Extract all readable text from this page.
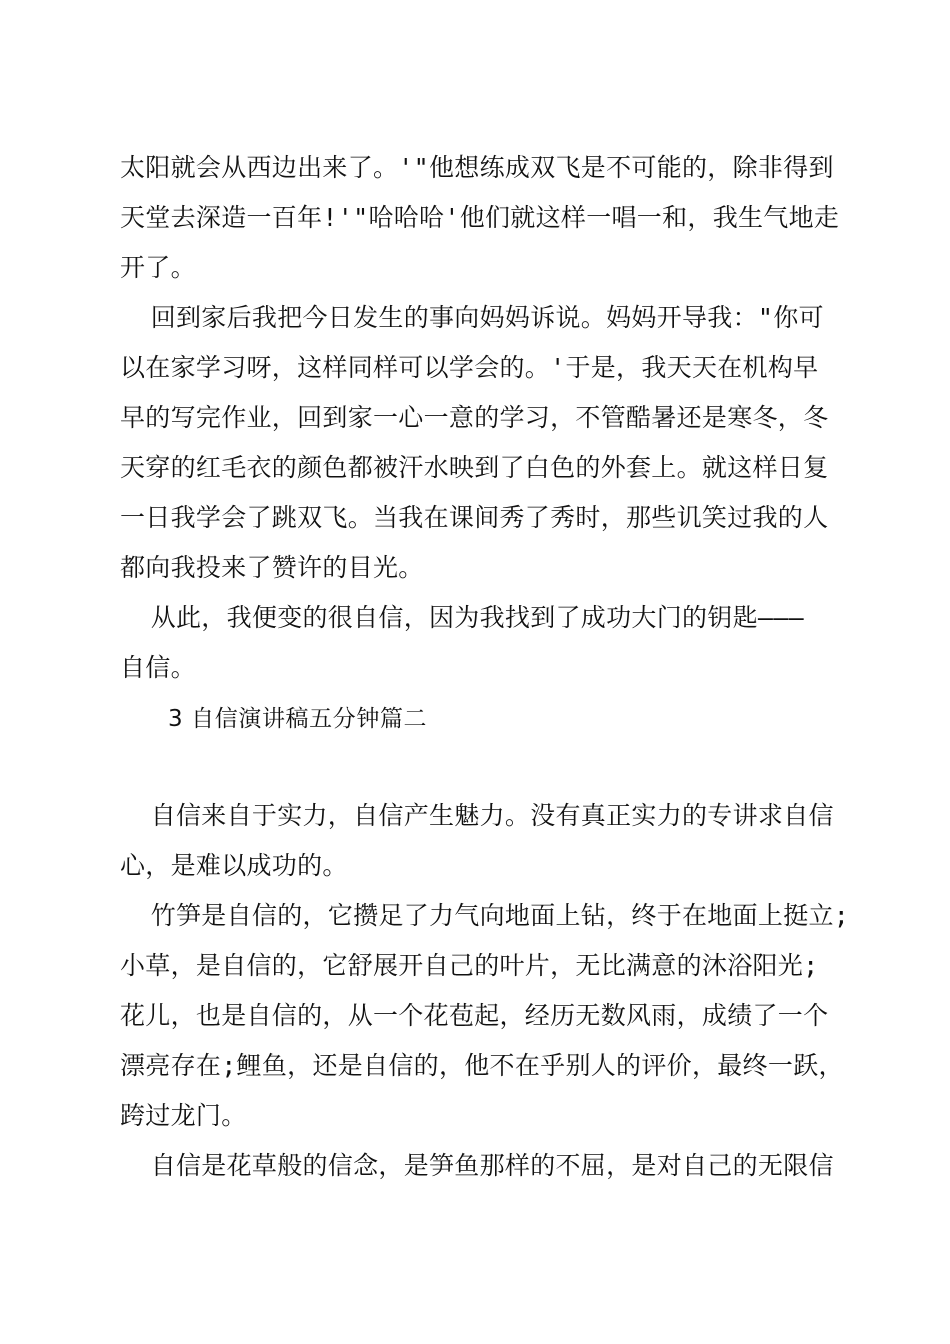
太阳就会从西边出来了。'"他想练成双飞是不可能的，除非得到
天堂去深造一百年!'"哈哈哈'他们就这样一唱一和，我生气地走
开了。
回到家后我把今日发生的事向妈妈诉说。妈妈开导我："你可
以在家学习呀，这样同样可以学会的。'于是，我天天在机构早
早的写完作业，回到家一心一意的学习，不管酷暑还是寒冬，冬
天穿的红毛衣的颜色都被汗水映到了白色的外套上。就这样日复
一日我学会了跳双飞。当我在课间秀了秀时，那些讥笑过我的人
都向我投来了赞许的目光。
从此，我便变的很自信，因为我找到了成功大门的钥匙———
自信。
3 自信演讲稿五分钟篇二
自信来自于实力，自信产生魅力。没有真正实力的专讲求自信
心，是难以成功的。
竹笋是自信的，它攒足了力气向地面上钻，终于在地面上挺立;
小草，是自信的，它舒展开自己的叶片，无比满意的沐浴阳光;
花儿，也是自信的，从一个花苞起，经历无数风雨，成绩了一个
漂亮存在;鲤鱼，还是自信的，他不在乎别人的评价，最终一跃，
跨过龙门。
自信是花草般的信念，是笋鱼那样的不屈，是对自己的无限信
